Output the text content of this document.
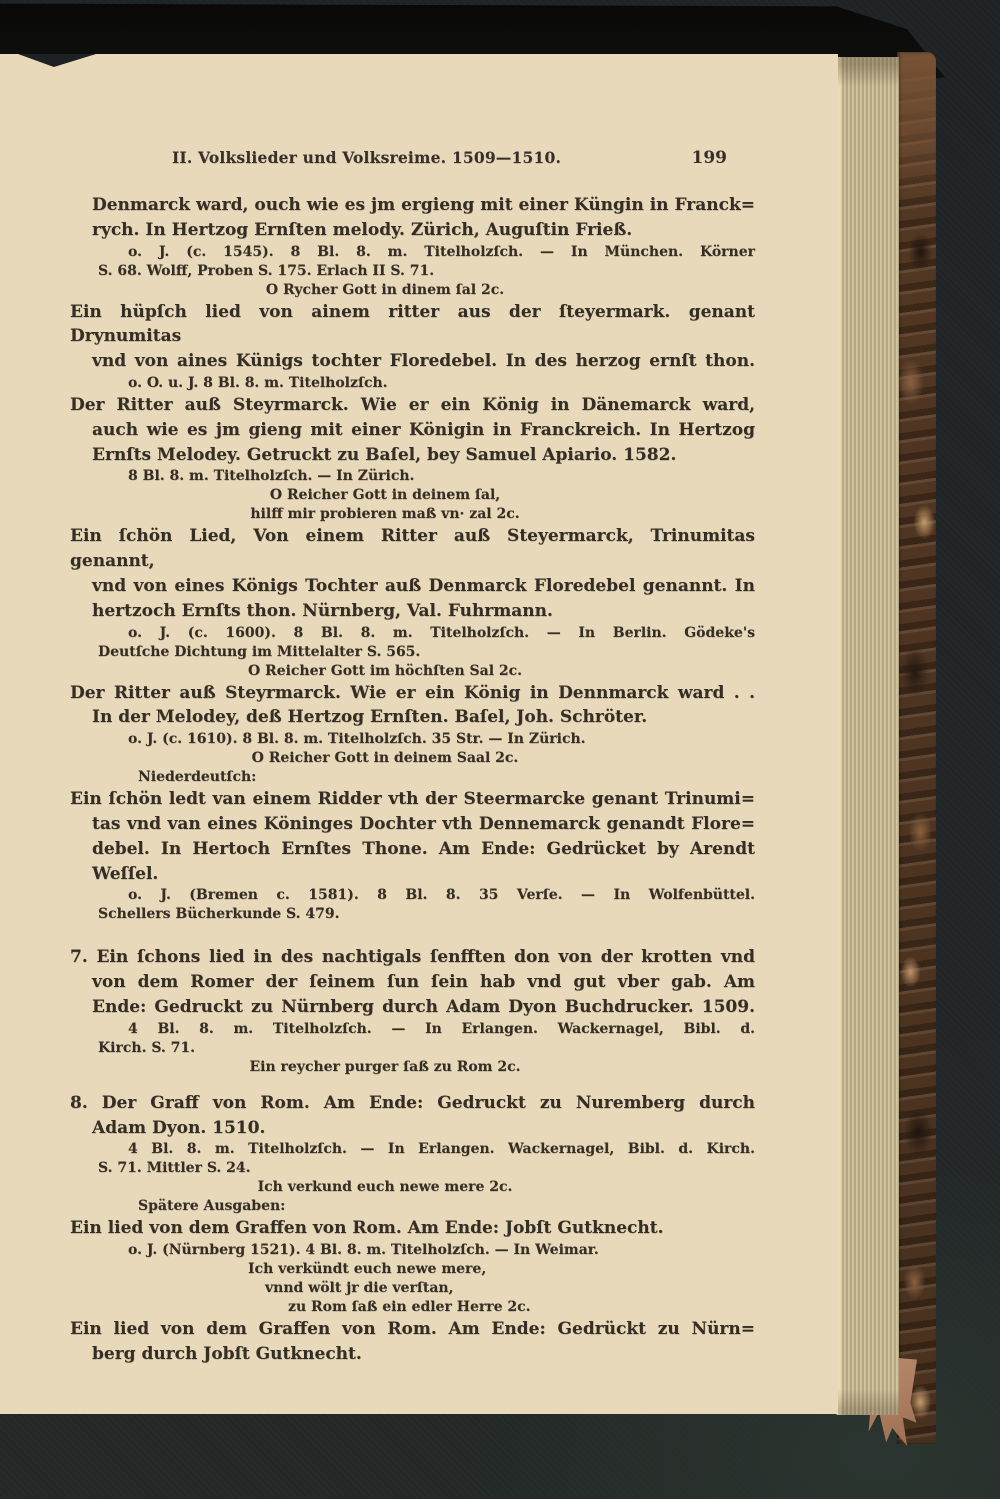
II. Volkslieder und Volksreime. 1509—1510.	199
Denmarck ward, ouch wie es jm ergieng mit einer Küngin in Franck=
rych. In Hertzog Ernſten melody. Zürich, Auguſtin Frieß.
o. J. (c. 1545). 8 Bl. 8. m. Titelholzſch. — In München. Körner
S. 68. Wolff, Proben S. 175. Erlach II S. 71.
O Rycher Gott in dinem ſal 2c.
Ein hüpſch lied von ainem ritter aus der ſteyermark. genant Drynumitas
vnd von aines Künigs tochter Floredebel. In des herzog ernſt thon.
o. O. u. J. 8 Bl. 8. m. Titelholzſch.
Der Ritter auß Steyrmarck. Wie er ein König in Dänemarck ward,
auch wie es jm gieng mit einer Königin in Franckreich. In Hertzog
Ernſts Melodey. Getruckt zu Baſel, bey Samuel Apiario. 1582.
8 Bl. 8. m. Titelholzſch. — In Zürich.
O Reicher Gott in deinem ſal,
hilff mir probieren maß vn· zal 2c.
Ein ſchön Lied, Von einem Ritter auß Steyermarck, Trinumitas genannt,
vnd von eines Königs Tochter auß Denmarck Floredebel genannt. In
hertzoch Ernſts thon. Nürnberg, Val. Fuhrmann.
o. J. (c. 1600). 8 Bl. 8. m. Titelholzſch. — In Berlin. Gödeke's
Deutſche Dichtung im Mittelalter S. 565.
O Reicher Gott im höchſten Sal 2c.
Der Ritter auß Steyrmarck. Wie er ein König in Dennmarck ward . .
In der Melodey, deß Hertzog Ernſten. Baſel, Joh. Schröter.
o. J. (c. 1610). 8 Bl. 8. m. Titelholzſch. 35 Str. — In Zürich.
O Reicher Gott in deinem Saal 2c.
Niederdeutſch:
Ein ſchön ledt van einem Ridder vth der Steermarcke genant Trinumi=
tas vnd van eines Köninges Dochter vth Dennemarck genandt Flore=
debel. In Hertoch Ernſtes Thone. Am Ende: Gedrücket by Arendt
Weſſel.
o. J. (Bremen c. 1581). 8 Bl. 8. 35 Verſe. — In Wolfenbüttel.
Schellers Bücherkunde S. 479.
7. Ein ſchons lied in des nachtigals ſenfften don von der krotten vnd
von dem Romer der ſeinem ſun ſein hab vnd gut vber gab. Am
Ende: Gedruckt zu Nürnberg durch Adam Dyon Buchdrucker. 1509.
4 Bl. 8. m. Titelholzſch. — In Erlangen. Wackernagel, Bibl. d.
Kirch. S. 71.
Ein reycher purger ſaß zu Rom 2c.
8. Der Graff von Rom. Am Ende: Gedruckt zu Nuremberg durch
Adam Dyon. 1510.
4 Bl. 8. m. Titelholzſch. — In Erlangen. Wackernagel, Bibl. d. Kirch.
S. 71. Mittler S. 24.
Ich verkund euch newe mere 2c.
Spätere Ausgaben:
Ein lied von dem Graffen von Rom. Am Ende: Jobſt Gutknecht.
o. J. (Nürnberg 1521). 4 Bl. 8. m. Titelholzſch. — In Weimar.
Ich verkündt euch newe mere,
vnnd wölt jr die verſtan,
zu Rom ſaß ein edler Herre 2c.
Ein lied von dem Graffen von Rom. Am Ende: Gedrückt zu Nürn=
berg durch Jobſt Gutknecht.
